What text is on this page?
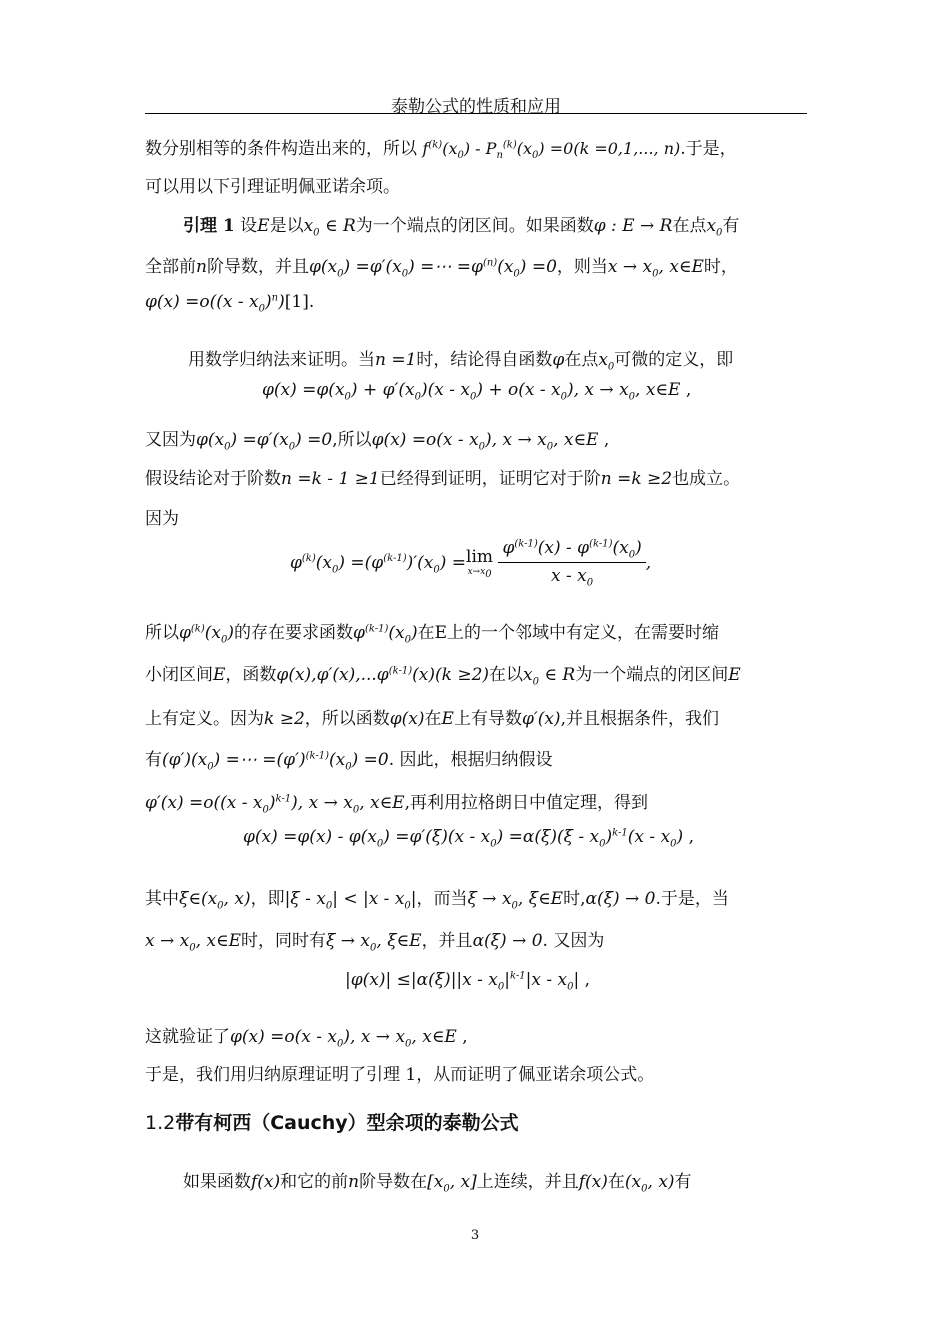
泰勒公式的性质和应用
数分别相等的条件构造出来的，所以 $f^{(k)}(x_0) - P_n^{(k)}(x_0) =0(k =0,1$,..., n).于是，
可以用以下引理证明佩亚诺余项。
引理 1 设E是以$x_0$ ∈ R为一个端点的闭区间。如果函数φ : E → R在点$x_0$有
全部前n阶导数，并且$\varphi(x_0) =\varphi'(x_0)$ =⋯ $=\varphi^{(n)}(x_0) =0$，则当$x \to x_0$, x∈E时，
$\varphi(x) =o((x - x_0)^n)[1]$.
用数学归纳法来证明。当n =1时，结论得自函数φ在点$x_0$可微的定义，即
$\varphi(x) =\varphi(x_0) + \varphi'(x_0)(x - x_0) + o(x - x_0)$, $x \to x_0$, x∈E ,
又因为$\varphi(x_0) =\varphi'(x_0) =0$,所以$\varphi(x) =o(x - x_0)$, $x \to x_0$, x∈E ,
假设结论对于阶数n =k - 1 ≥1已经得到证明，证明它对于阶n =k ≥2也成立。
因为
$\varphi^{(k)}(x_0) =(\varphi^{(k-1)})'(x_0) = \lim$
$x\to x_0$
$\frac{\varphi^{(k-1)}(x) - \varphi^{(k-1)}(x_0)}{x - x_0}$ ,
所以$\varphi^{(k)}(x_0)$的存在要求函数$\varphi^{(k-1)}(x_0)$在E上的一个邻域中有定义，在需要时缩
小闭区间E，函数$\varphi(x),\varphi'(x),...\varphi^{(k-1)}(x)(k \ge 2)$在以$x_0$ ∈ R为一个端点的闭区间E
上有定义。因为k ≥2，所以函数φ(x)在E上有导数φ′(x),并且根据条件，我们
有$(\varphi')(x_0)$ =⋯ $=(\varphi')^{(k-1)}(x_0) =0$. 因此，根据归纳假设
$\varphi'(x) =o((x - x_0)^{k-1})$, $x \to x_0$, x∈E,再利用拉格朗日中值定理，得到
$\varphi(x) =\varphi(x) - \varphi(x_0) =\varphi'(\xi)(x - x_0) =\alpha(\xi)(\xi - x_0)^{k-1}(x - x_0)$ ,
其中$\xi\in(x_0$, x)，即$|\xi - x_0| < |x - x_0|$，而当$\xi \to x_0$, ξ∈E时,α(ξ) → 0.于是，当
$x \to x_0$, x∈E时，同时有$\xi \to x_0$, ξ∈E，并且α(ξ) → 0. 又因为
$|\varphi(x)| \le|\alpha(\xi)||x - x_0|^{k-1}|x - x_0|$ ,
这就验证了$\varphi(x) =o(x - x_0)$, $x \to x_0$, x∈E ,
于是，我们用归纳原理证明了引理 1，从而证明了佩亚诺余项公式。
1.2带有柯西（Cauchy）型余项的泰勒公式
如果函数f(x)和它的前n阶导数在[$x_0$, x]上连续，并且f(x)在($x_0$, x)有
3
